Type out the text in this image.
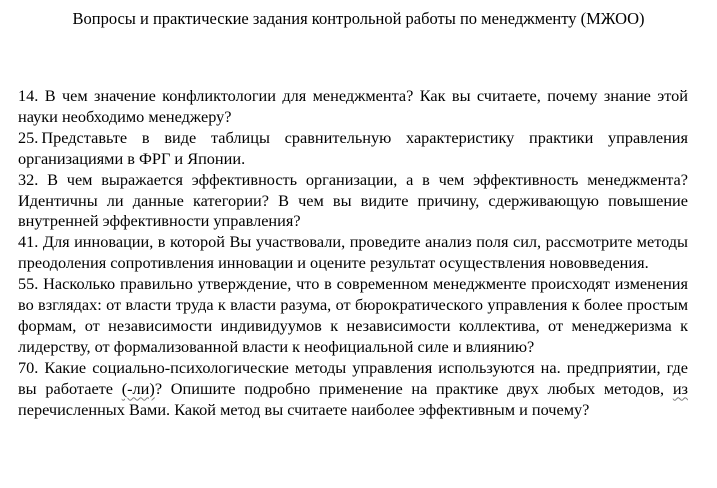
Вопросы и практические задания контрольной работы по менеджменту (МЖОО)

14 . В чем значение конфликтологии для менеджмента? Как вы считаете, почему знание этой науки необходимо менеджеру?

25 . Представьте в виде таблицы сравнительную характеристику практики управления организациями в ФРГ и Японии.

32 . В чем выражается эффективность организации, а в чем эффективность менеджмента? Идентичны ли данные категории? В чем вы видите причину, сдерживающую повышение внутренней эффективности управления?

41 . Для инновации, в которой Вы участвовали, проведите анализ поля сил, рассмотрите методы преодоления сопротивления инновации и оцените результат осуществления нововведения.

55 . Насколько правильно утверждение, что в современном менеджменте происходят изменения во взглядах: от власти труда к власти разума, от бюрократического управления к более простым формам, от независимости индивидуумов к независимости коллектива, от менеджеризма к лидерству, от формализованной власти к неофициальной силе и влиянию?

70 . Какие социально-психологические методы управления используются на. предприятии, где вы работаете (-ли)? Опишите подробно применение на практике двух любых методов, из перечисленных Вами. Какой метод вы считаете наиболее эффективным и почему?
